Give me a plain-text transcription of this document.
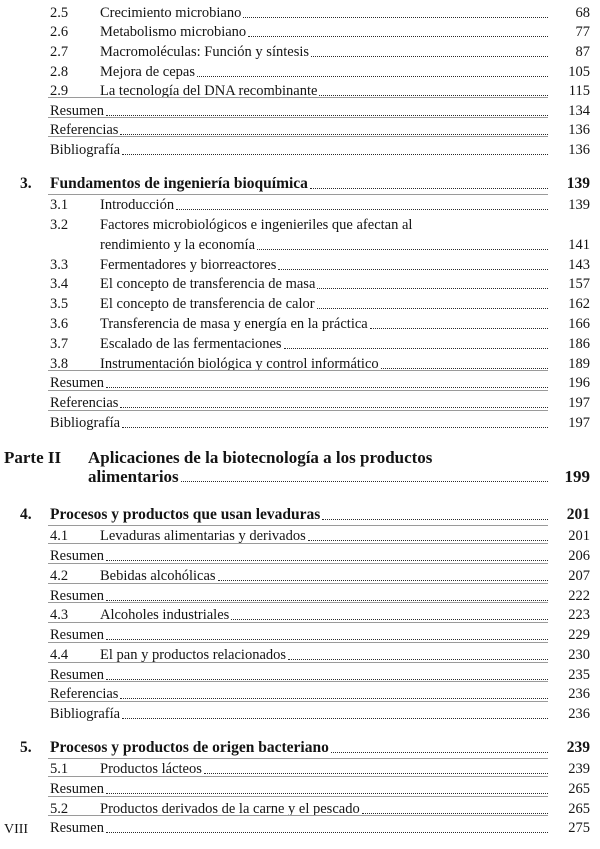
2.5 Crecimiento microbiano	68
2.6 Metabolismo microbiano	77
2.7 Macromoléculas: Función y síntesis	87
2.8 Mejora de cepas	105
2.9 La tecnología del DNA recombinante	115
Resumen	134
Referencias	136
Bibliografía	136
3. Fundamentos de ingeniería bioquímica	139
3.1 Introducción	139
3.2 Factores microbiológicos e ingenieriles que afectan al
rendimiento y la economía	141
3.3 Fermentadores y biorreactores	143
3.4 El concepto de transferencia de masa	157
3.5 El concepto de transferencia de calor	162
3.6 Transferencia de masa y energía en la práctica	166
3.7 Escalado de las fermentaciones	186
3.8 Instrumentación biológica y control informático	189
Resumen	196
Referencias	197
Bibliografía	197
Parte II Aplicaciones de la biotecnología a los productos
alimentarios	199
4. Procesos y productos que usan levaduras	201
4.1 Levaduras alimentarias y derivados	201
Resumen	206
4.2 Bebidas alcohólicas	207
Resumen	222
4.3 Alcoholes industriales	223
Resumen	229
4.4 El pan y productos relacionados	230
Resumen	235
Referencias	236
Bibliografía	236
5. Procesos y productos de origen bacteriano	239
5.1 Productos lácteos	239
Resumen	265
5.2 Productos derivados de la carne y el pescado	265
Resumen	275
VIII
